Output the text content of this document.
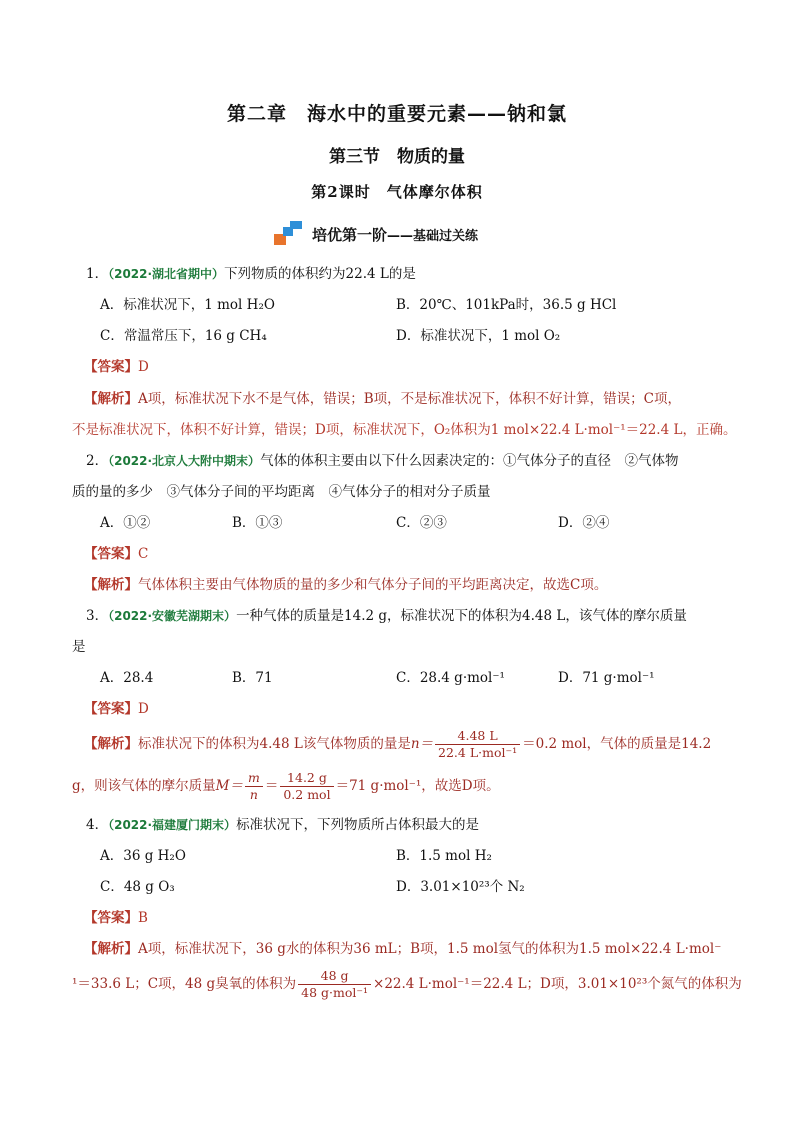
第二章　海水中的重要元素——钠和氯
第三节　物质的量
第2课时　气体摩尔体积
培优第一阶——基础过关练
1．（2022·湖北省期中）下列物质的体积约为22.4 L的是
A．标准状况下，1 mol H₂O	B．20℃、101kPa时，36.5 g HCl
C．常温常压下，16 g CH₄	D．标准状况下，1 mol O₂
【答案】D
【解析】A项，标准状况下水不是气体，错误；B项，不是标准状况下，体积不好计算，错误；C项，
不是标准状况下，体积不好计算，错误；D项，标准状况下，O₂体积为1 mol×22.4 L·mol⁻¹＝22.4 L，正确。
2．（2022·北京人大附中期末）气体的体积主要由以下什么因素决定的：①气体分子的直径　②气体物
质的量的多少　③气体分子间的平均距离　④气体分子的相对分子质量
A．①②	B．①③	C．②③	D．②④
【答案】C
【解析】气体体积主要由气体物质的量的多少和气体分子间的平均距离决定，故选C项。
3．（2022·安徽芜湖期末）一种气体的质量是14.2 g，标准状况下的体积为4.48 L，该气体的摩尔质量
是
A．28.4	B．71	C．28.4 g·mol⁻¹	D．71 g·mol⁻¹
【答案】D
【解析】标准状况下的体积为4.48 L该气体物质的量是$n= \frac{4.48 L}{\text{22.4 L·mol⁻¹}} =0.2$ mol，气体的质量是14.2
g，则该气体的摩尔质量$M= \frac{m}{n} = \frac{14.2 g}{\text{0.2 mol}} =71$ g·mol⁻¹，故选D项。
4．（2022·福建厦门期末）标准状况下，下列物质所占体积最大的是
A．36 g H₂O	B．1.5 mol H₂
C．48 g O₃	D．3.01×10²³个 N₂
【答案】B
【解析】A项，标准状况下，36 g水的体积为36 mL；B项，1.5 mol氢气的体积为1.5 mol×22.4 L·mol⁻
¹＝33.6 L；C项，48 g臭氧的体积为 $\frac{48 g}{\text{48 g·mol⁻¹}} \times 22.4$ L·mol⁻¹＝22.4 L；D项，3.01×10²³个氮气的体积为
